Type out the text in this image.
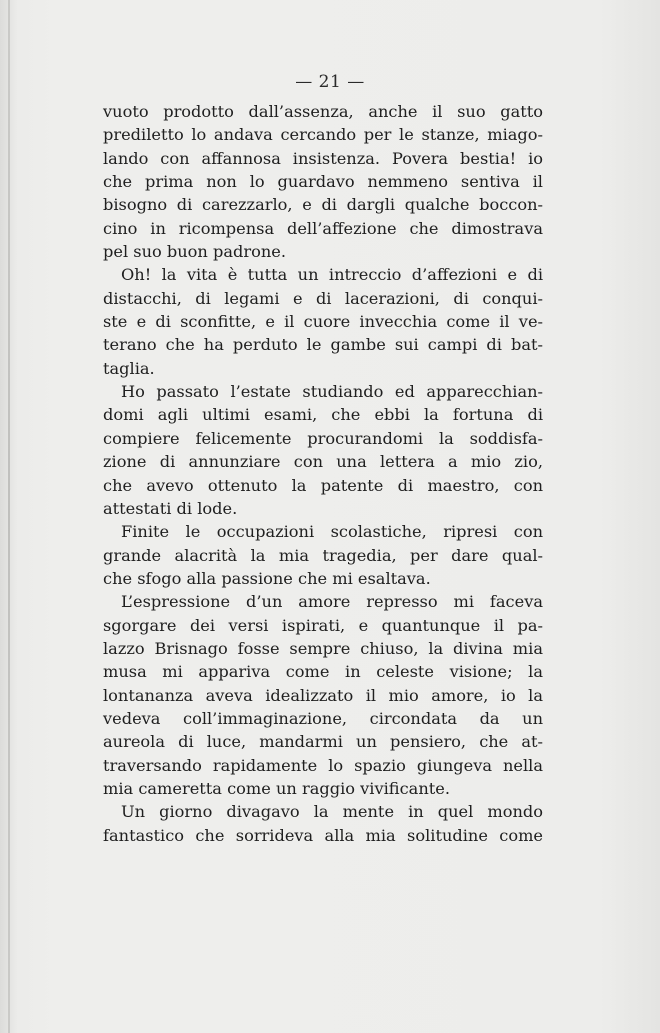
— 21 —
vuoto prodotto dall’assenza, anche il suo gatto
prediletto lo andava cercando per le stanze, miago-
lando con affannosa insistenza. Povera bestia! io
che prima non lo guardavo nemmeno sentiva il
bisogno di carezzarlo, e di dargli qualche boccon-
cino in ricompensa dell’affezione che dimostrava
pel suo buon padrone.
Oh! la vita è tutta un intreccio d’affezioni e di
distacchi, di legami e di lacerazioni, di conqui-
ste e di sconfitte, e il cuore invecchia come il ve-
terano che ha perduto le gambe sui campi di bat-
taglia.
Ho passato l’estate studiando ed apparecchian-
domi agli ultimi esami, che ebbi la fortuna di
compiere felicemente procurandomi la soddisfa-
zione di annunziare con una lettera a mio zio,
che avevo ottenuto la patente di maestro, con
attestati di lode.
Finite le occupazioni scolastiche, ripresi con
grande alacrità la mia tragedia, per dare qual-
che sfogo alla passione che mi esaltava.
L’espressione d’un amore represso mi faceva
sgorgare dei versi ispirati, e quantunque il pa-
lazzo Brisnago fosse sempre chiuso, la divina mia
musa mi appariva come in celeste visione; la
lontananza aveva idealizzato il mio amore, io la
vedeva coll’immaginazione, circondata da un
aureola di luce, mandarmi un pensiero, che at-
traversando rapidamente lo spazio giungeva nella
mia cameretta come un raggio vivificante.
Un giorno divagavo la mente in quel mondo
fantastico che sorrideva alla mia solitudine come
